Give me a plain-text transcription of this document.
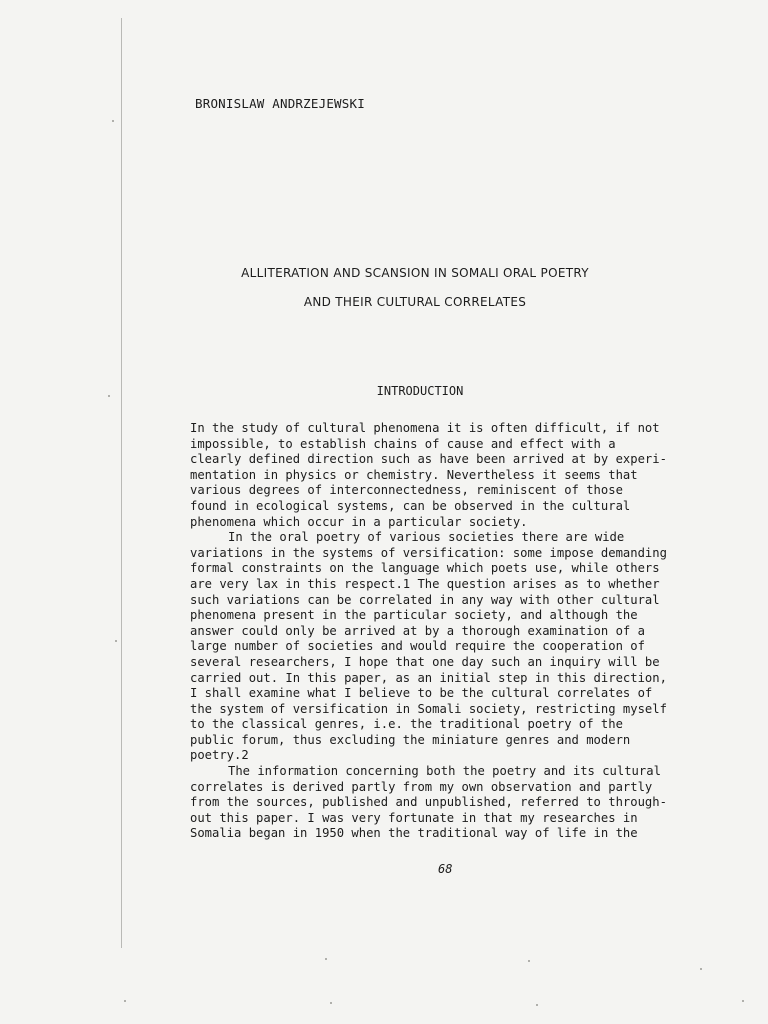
BRONISLAW ANDRZEJEWSKI
ALLITERATION AND SCANSION IN SOMALI ORAL POETRY
AND THEIR CULTURAL CORRELATES
INTRODUCTION
In the study of cultural phenomena it is often difficult, if not
impossible, to establish chains of cause and effect with a
clearly defined direction such as have been arrived at by experi-
mentation in physics or chemistry. Nevertheless it seems that
various degrees of interconnectedness, reminiscent of those
found in ecological systems, can be observed in the cultural
phenomena which occur in a particular society.
In the oral poetry of various societies there are wide
variations in the systems of versification: some impose demanding
formal constraints on the language which poets use, while others
are very lax in this respect.1 The question arises as to whether
such variations can be correlated in any way with other cultural
phenomena present in the particular society, and although the
answer could only be arrived at by a thorough examination of a
large number of societies and would require the cooperation of
several researchers, I hope that one day such an inquiry will be
carried out. In this paper, as an initial step in this direction,
I shall examine what I believe to be the cultural correlates of
the system of versification in Somali society, restricting myself
to the classical genres, i.e. the traditional poetry of the
public forum, thus excluding the miniature genres and modern
poetry.2
The information concerning both the poetry and its cultural
correlates is derived partly from my own observation and partly
from the sources, published and unpublished, referred to through-
out this paper. I was very fortunate in that my researches in
Somalia began in 1950 when the traditional way of life in the
68
